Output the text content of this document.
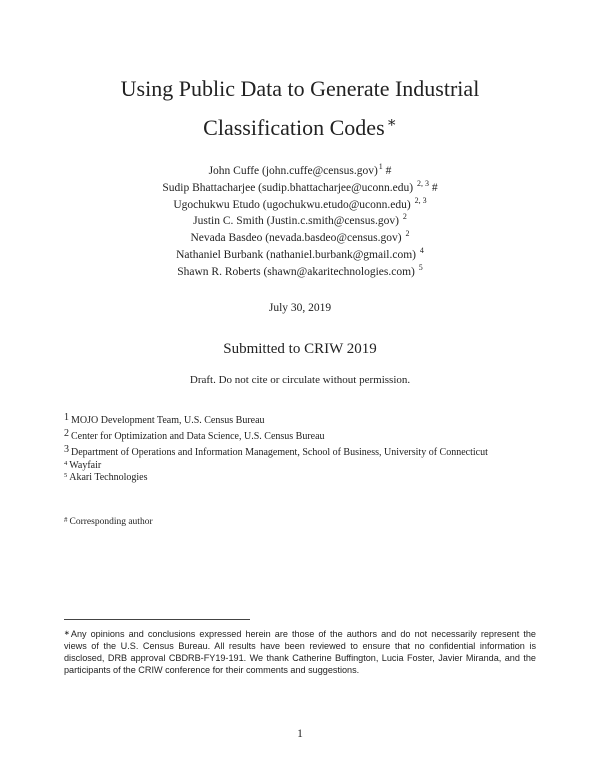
Using Public Data to Generate Industrial
Classification Codes ∗
John Cuffe (john.cuffe@census.gov)$^1$ #
Sudip Bhattacharjee (sudip.bhattacharjee@uconn.edu) $^{2, 3}$ #
Ugochukwu Etudo (ugochukwu.etudo@uconn.edu) $^{2, 3}$
Justin C. Smith (Justin.c.smith@census.gov) $^2$
Nevada Basdeo (nevada.basdeo@census.gov) $^2$
Nathaniel Burbank (nathaniel.burbank@gmail.com) $^4$
Shawn R. Roberts (shawn@akaritechnologies.com) $^5$
July 30, 2019
Submitted to CRIW 2019
Draft. Do not cite or circulate without permission.
1 MOJO Development Team, U.S. Census Bureau
2 Center for Optimization and Data Science, U.S. Census Bureau
3 Department of Operations and Information Management, School of Business, University of Connecticut
$^4$ Wayfair
$^5$ Akari Technologies
# Corresponding author
∗Any opinions and conclusions expressed herein are those of the authors and do not necessarily represent the views of the U.S. Census Bureau. All results have been reviewed to ensure that no confidential information is disclosed, DRB approval CBDRB-FY19-191. We thank Catherine Buffington, Lucia Foster, Javier Miranda, and the participants of the CRIW conference for their comments and suggestions.
1
